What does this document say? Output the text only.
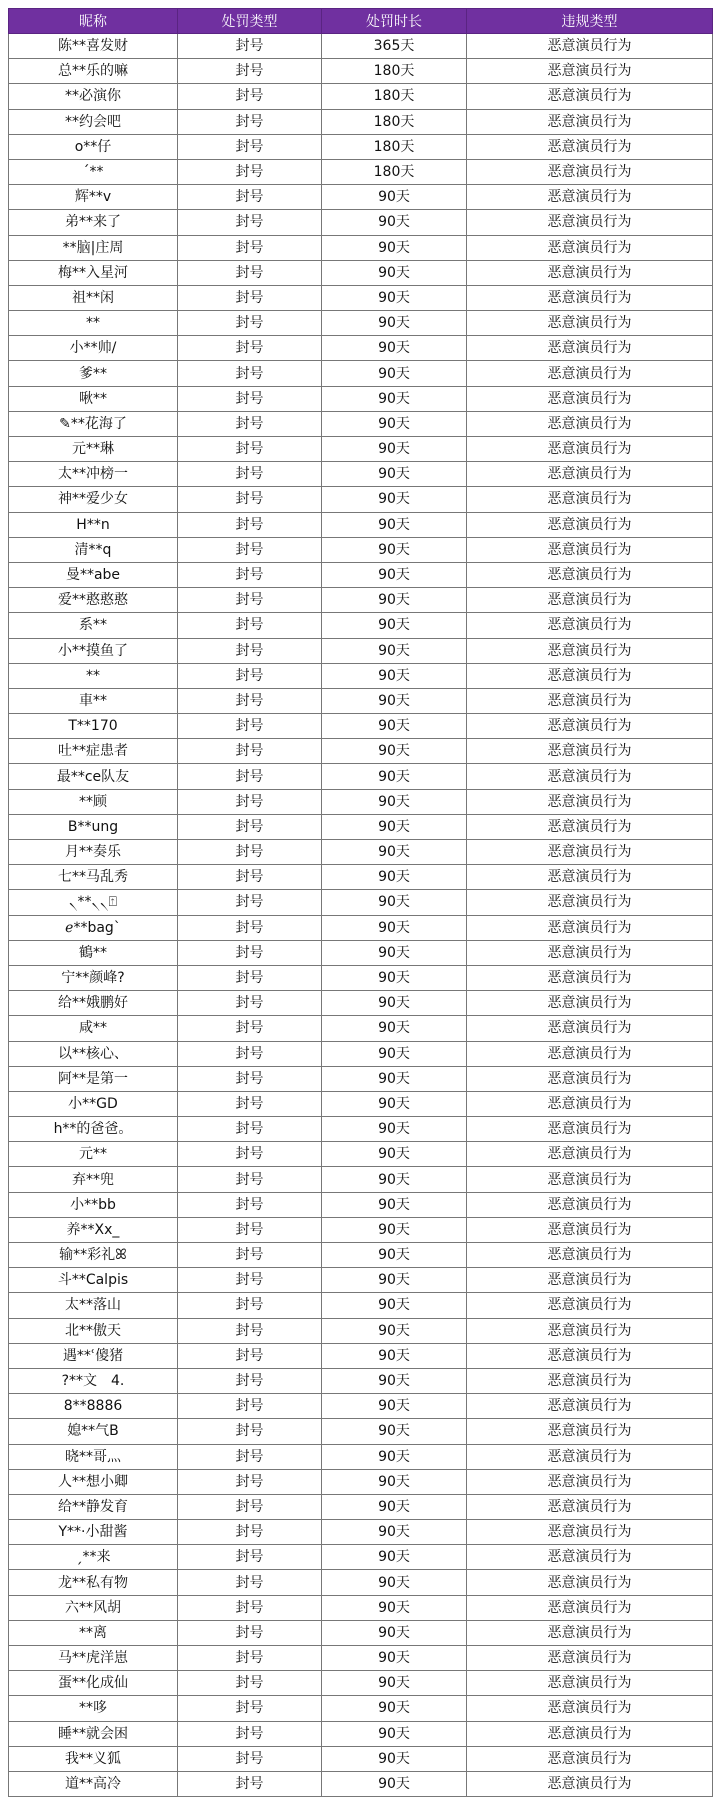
昵称	处罚类型	处罚时长	违规类型
陈**喜发财	封号	365天	恶意演员行为
总**乐的嘛	封号	180天	恶意演员行为
**必演你	封号	180天	恶意演员行为
**约会吧	封号	180天	恶意演员行为
o**仔	封号	180天	恶意演员行为
ˊ**	封号	180天	恶意演员行为
辉**v	封号	90天	恶意演员行为
弟**来了	封号	90天	恶意演员行为
**脑|庄周	封号	90天	恶意演员行为
梅**入星河	封号	90天	恶意演员行为
祖**闲	封号	90天	恶意演员行为
**	封号	90天	恶意演员行为
小**帅/	封号	90天	恶意演员行为
爹**	封号	90天	恶意演员行为
啾**	封号	90天	恶意演员行为
✎**花海了	封号	90天	恶意演员行为
元**琳	封号	90天	恶意演员行为
太**冲榜一	封号	90天	恶意演员行为
神**爱少女	封号	90天	恶意演员行为
H**n	封号	90天	恶意演员行为
清**q	封号	90天	恶意演员行为
曼**abe	封号	90天	恶意演员行为
爱**憨憨憨	封号	90天	恶意演员行为
系**	封号	90天	恶意演员行为
小**摸鱼了	封号	90天	恶意演员行为
**	封号	90天	恶意演员行为
車**	封号	90天	恶意演员行为
T**170	封号	90天	恶意演员行为
吐**症患者	封号	90天	恶意演员行为
最**ce队友	封号	90天	恶意演员行为
**顾	封号	90天	恶意演员行为
B**ung	封号	90天	恶意演员行为
月**奏乐	封号	90天	恶意演员行为
七**马乱秀	封号	90天	恶意演员行为
৲**৲৲⍐	封号	90天	恶意演员行为
ℯ**bag`	封号	90天	恶意演员行为
鶴**	封号	90天	恶意演员行为
宁**颜峰?	封号	90天	恶意演员行为
给**娥鹏好	封号	90天	恶意演员行为
咸**	封号	90天	恶意演员行为
以**核心、	封号	90天	恶意演员行为
阿**是第一	封号	90天	恶意演员行为
小**GD	封号	90天	恶意演员行为
h**的爸爸。	封号	90天	恶意演员行为
元**	封号	90天	恶意演员行为
弃**兜	封号	90天	恶意演员行为
小**bb	封号	90天	恶意演员行为
养**Xx_	封号	90天	恶意演员行为
输**彩礼ꕤ	封号	90天	恶意演员行为
斗**Calpis	封号	90天	恶意演员行为
太**落山	封号	90天	恶意演员行为
北**傲天	封号	90天	恶意演员行为
遇**ʿ傻猪	封号	90天	恶意演员行为
?**文　4.	封号	90天	恶意演员行为
8**8886	封号	90天	恶意演员行为
媳**气B	封号	90天	恶意演员行为
晓**哥灬	封号	90天	恶意演员行为
人**想小卿	封号	90天	恶意演员行为
给**静发育	封号	90天	恶意演员行为
Y**·小甜酱	封号	90天	恶意演员行为
ˏ**来	封号	90天	恶意演员行为
龙**私有物	封号	90天	恶意演员行为
六**风胡	封号	90天	恶意演员行为
**离	封号	90天	恶意演员行为
马**虎洋崽	封号	90天	恶意演员行为
蛋**化成仙	封号	90天	恶意演员行为
**哆	封号	90天	恶意演员行为
睡**就会困	封号	90天	恶意演员行为
我**义狐	封号	90天	恶意演员行为
道**高冷	封号	90天	恶意演员行为
